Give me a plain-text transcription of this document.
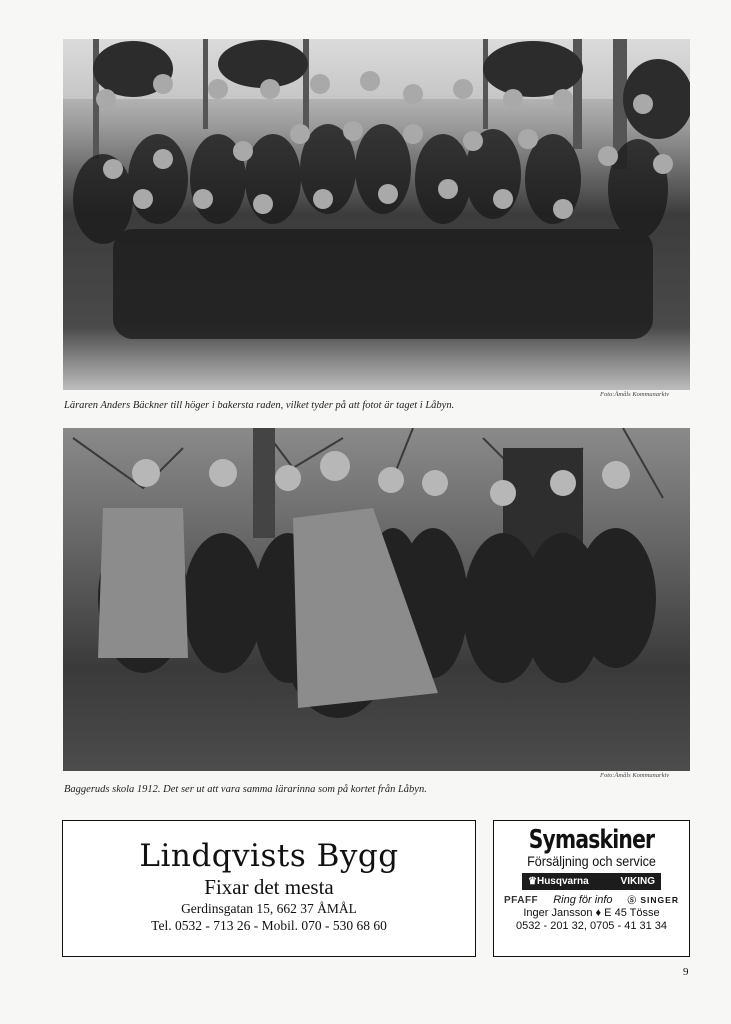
Läraren Anders Bäckner till höger i bakersta raden, vilket tyder på att fotot är taget i Låbyn.
Foto:Åmåls Kommunarkiv
Baggeruds skola 1912. Det ser ut att vara samma lärarinna som på kortet från Låbyn.
Foto:Åmåls Kommunarkiv
Lindqvists Bygg
Fixar det mesta
Gerdinsgatan 15, 662 37 ÅMÅL
Tel. 0532 - 713 26 - Mobil. 070 - 530 68 60
Symaskiner
Försäljning och service
♛Husqvarna	VIKING
PFAFF Ring för info Ⓢ SINGER
Inger Jansson ♦ E 45 Tösse
0532 - 201 32, 0705 - 41 31 34
9
